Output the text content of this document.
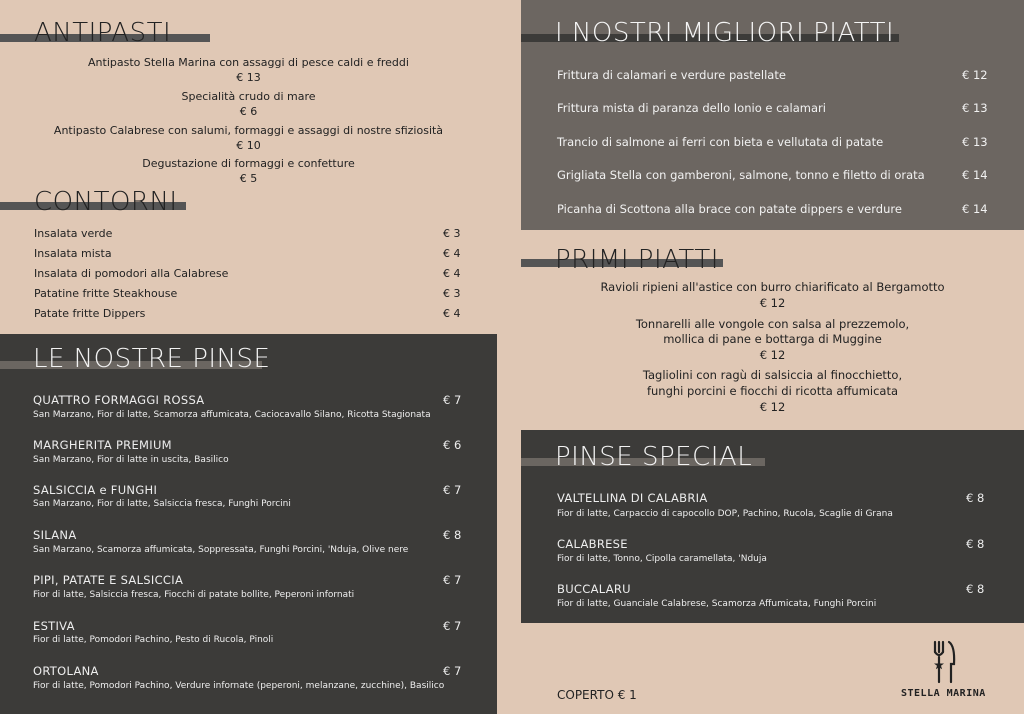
ANTIPASTI
Antipasto Stella Marina con assaggi di pesce caldi e freddi
€ 13
Specialità crudo di mare
€ 6
Antipasto Calabrese con salumi, formaggi e assaggi di nostre sfiziosità
€ 10
Degustazione di formaggi e confetture
€ 5
CONTORNI
Insalata verde	€ 3
Insalata mista	€ 4
Insalata di pomodori alla Calabrese	€ 4
Patatine fritte Steakhouse	€ 3
Patate fritte Dippers	€ 4
LE NOSTRE PINSE
QUATTRO FORMAGGI ROSSA	€ 7
San Marzano, Fior di latte, Scamorza affumicata, Caciocavallo Silano, Ricotta Stagionata
MARGHERITA PREMIUM	€ 6
San Marzano, Fior di latte in uscita, Basilico
SALSICCIA e FUNGHI	€ 7
San Marzano, Fior di latte, Salsiccia fresca, Funghi Porcini
SILANA	€ 8
San Marzano, Scamorza affumicata, Soppressata, Funghi Porcini, 'Nduja, Olive nere
PIPI, PATATE E SALSICCIA	€ 7
Fior di latte, Salsiccia fresca, Fiocchi di patate bollite, Peperoni infornati
ESTIVA	€ 7
Fior di latte, Pomodori Pachino, Pesto di Rucola, Pinoli
ORTOLANA	€ 7
Fior di latte, Pomodori Pachino, Verdure infornate (peperoni, melanzane, zucchine), Basilico
I NOSTRI MIGLIORI PIATTI
Frittura di calamari e verdure pastellate	€ 12
Frittura mista di paranza dello Ionio e calamari	€ 13
Trancio di salmone ai ferri con bieta e vellutata di patate	€ 13
Grigliata Stella con gamberoni, salmone, tonno e filetto di orata	€ 14
Picanha di Scottona alla brace con patate dippers e verdure	€ 14
PRIMI PIATTI
Ravioli ripieni all'astice con burro chiarificato al Bergamotto
€ 12
Tonnarelli alle vongole con salsa al prezzemolo,
mollica di pane e bottarga di Muggine
€ 12
Tagliolini con ragù di salsiccia al finocchietto,
funghi porcini e fiocchi di ricotta affumicata
€ 12
PINSE SPECIAL
VALTELLINA DI CALABRIA	€ 8
Fior di latte, Carpaccio di capocollo DOP, Pachino, Rucola, Scaglie di Grana
CALABRESE	€ 8
Fior di latte, Tonno, Cipolla caramellata, 'Nduja
BUCCALARU	€ 8
Fior di latte, Guanciale Calabrese, Scamorza Affumicata, Funghi Porcini
COPERTO € 1	STELLA MARINA
